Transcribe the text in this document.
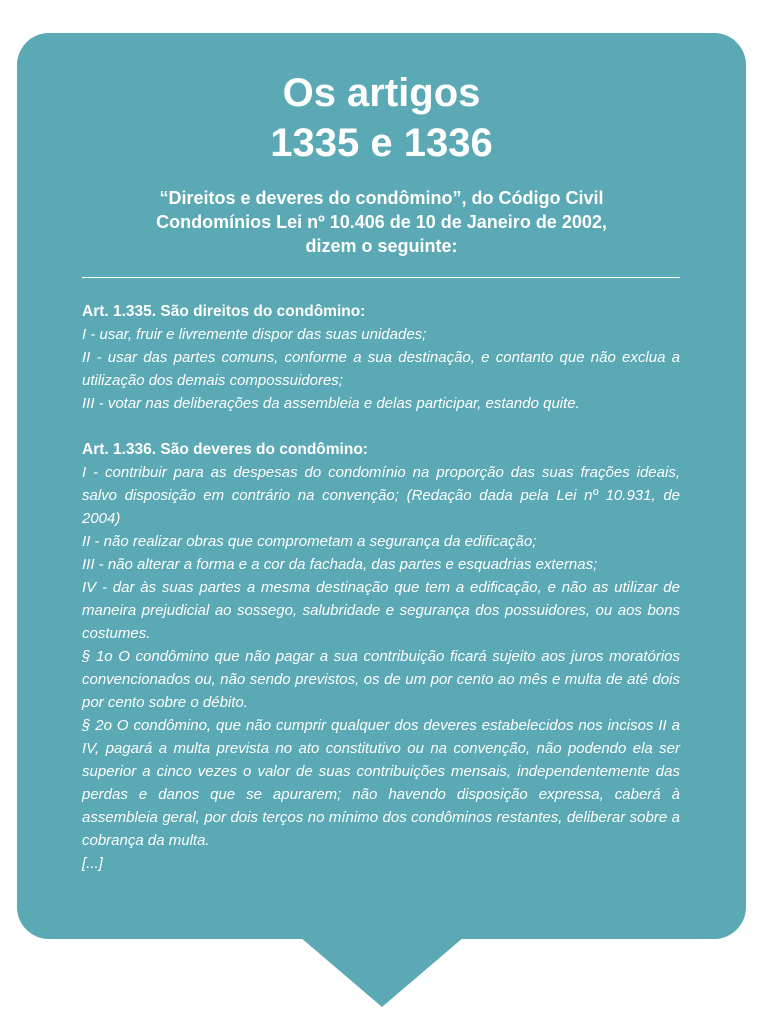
Os artigos
1335 e 1336
“Direitos e deveres do condômino”, do Código Civil
Condomínios Lei nº 10.406 de 10 de Janeiro de 2002,
dizem o seguinte:
Art. 1.335. São direitos do condômino:
I - usar, fruir e livremente dispor das suas unidades;
II - usar das partes comuns, conforme a sua destinação, e contanto que não exclua a utilização dos demais compossuidores;
III - votar nas deliberações da assembleia e delas participar, estando quite.
Art. 1.336. São deveres do condômino:
I - contribuir para as despesas do condomínio na proporção das suas frações ideais, salvo disposição em contrário na convenção; (Redação dada pela Lei nº 10.931, de 2004)
II - não realizar obras que comprometam a segurança da edificação;
III - não alterar a forma e a cor da fachada, das partes e esquadrias externas;
IV - dar às suas partes a mesma destinação que tem a edificação, e não as utilizar de maneira prejudicial ao sossego, salubridade e segurança dos possuidores, ou aos bons costumes.
§ 1o O condômino que não pagar a sua contribuição ficará sujeito aos juros moratórios convencionados ou, não sendo previstos, os de um por cento ao mês e multa de até dois por cento sobre o débito.
§ 2o O condômino, que não cumprir qualquer dos deveres estabelecidos nos incisos II a IV, pagará a multa prevista no ato constitutivo ou na convenção, não podendo ela ser superior a cinco vezes o valor de suas contribuições mensais, independentemente das perdas e danos que se apurarem; não havendo disposição expressa, caberá à assembleia geral, por dois terços no mínimo dos condôminos restantes, deliberar sobre a cobrança da multa.
[...]
